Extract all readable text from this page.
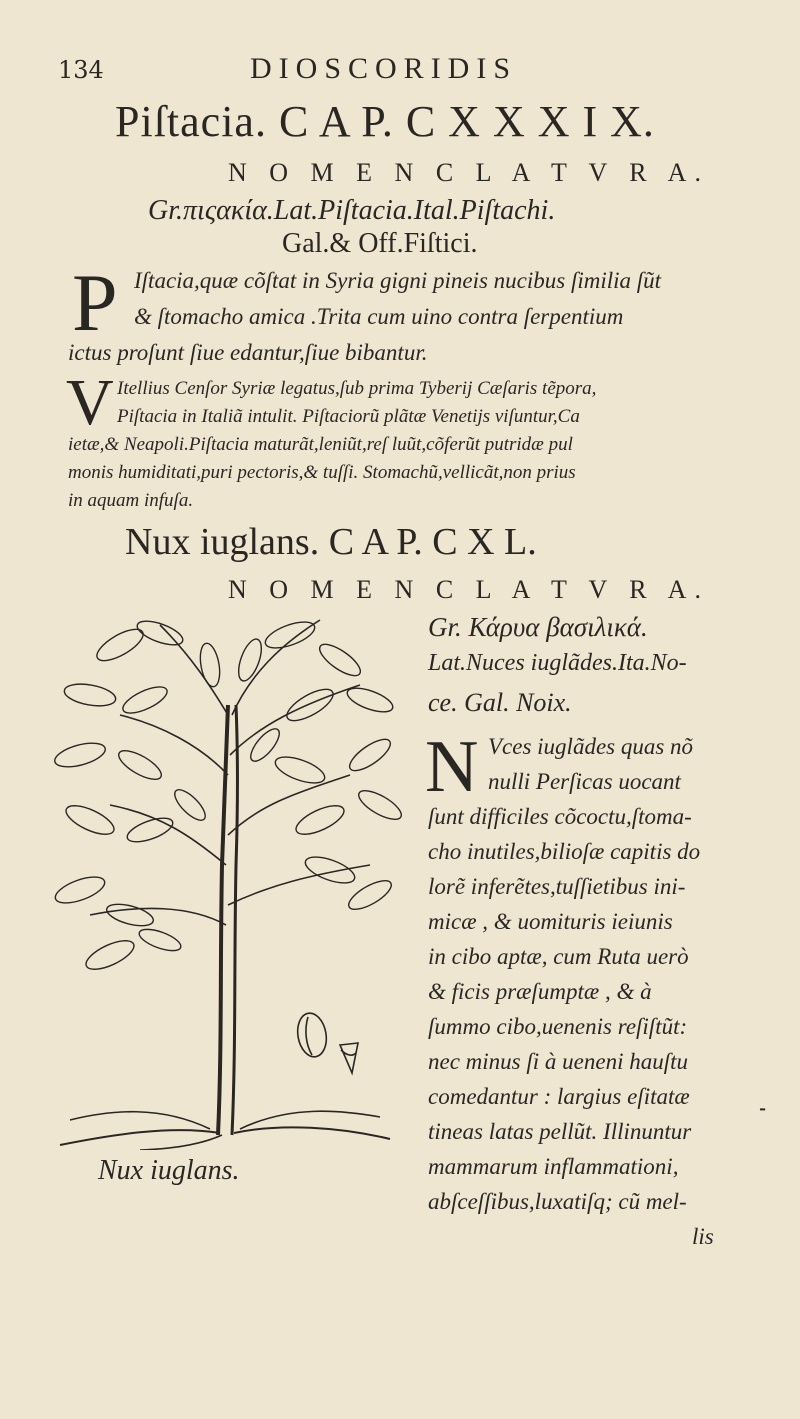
134	DIOSCORIDIS
Piſtacia. C A P. C X X X I X.
N O M E N C L A T V R A.
Gr.πιςακία.Lat.Piſtacia.Ital.Piſtachi.
Gal.& Off.Fiſtici.
P Iſtacia,quæ cõſtat in Syria gigni pineis nucibus ſimilia ſũt
& ſtomacho amica .Trita cum uino contra ſerpentium
ictus proſunt ſiue edantur,ſiue bibantur.
V Itellius Cenſor Syriæ legatus,ſub prima Tyberij Cæſaris tẽpora,
Piſtacia in Italiã intulit. Piſtaciorũ plãtæ Venetijs viſuntur,Ca
ietæ,& Neapoli.Piſtacia maturãt,leniũt,reſ luũt,cõferũt putridæ pul
monis humiditati,puri pectoris,& tuſſi. Stomachũ,vellicãt,non prius
in aquam infuſa.
Nux iuglans. C A P. C X L.
N O M E N C L A T V R A.
Gr. Κάρυα βασιλικά.
Lat.Nuces iuglãdes.Ita.No-
ce. Gal. Noix.
N Vces iuglãdes quas nõ
nulli Perſicas uocant
ſunt difficiles cõcoctu,ſtoma-
cho inutiles,bilioſæ capitis do
lorẽ inferẽtes,tuſſietibus ini-
micæ , & uomituris ieiunis
in cibo aptæ, cum Ruta uerò
& ficis præſumptæ , & à
ſummo cibo,uenenis reſiſtũt:
nec minus ſi à ueneni hauſtu
comedantur : largius eſitatæ
tineas latas pellũt. Illinuntur
mammarum inflammationi,
abſceſſibus,luxatiſq; cũ mel-
lis
Nux iuglans.
⁃
